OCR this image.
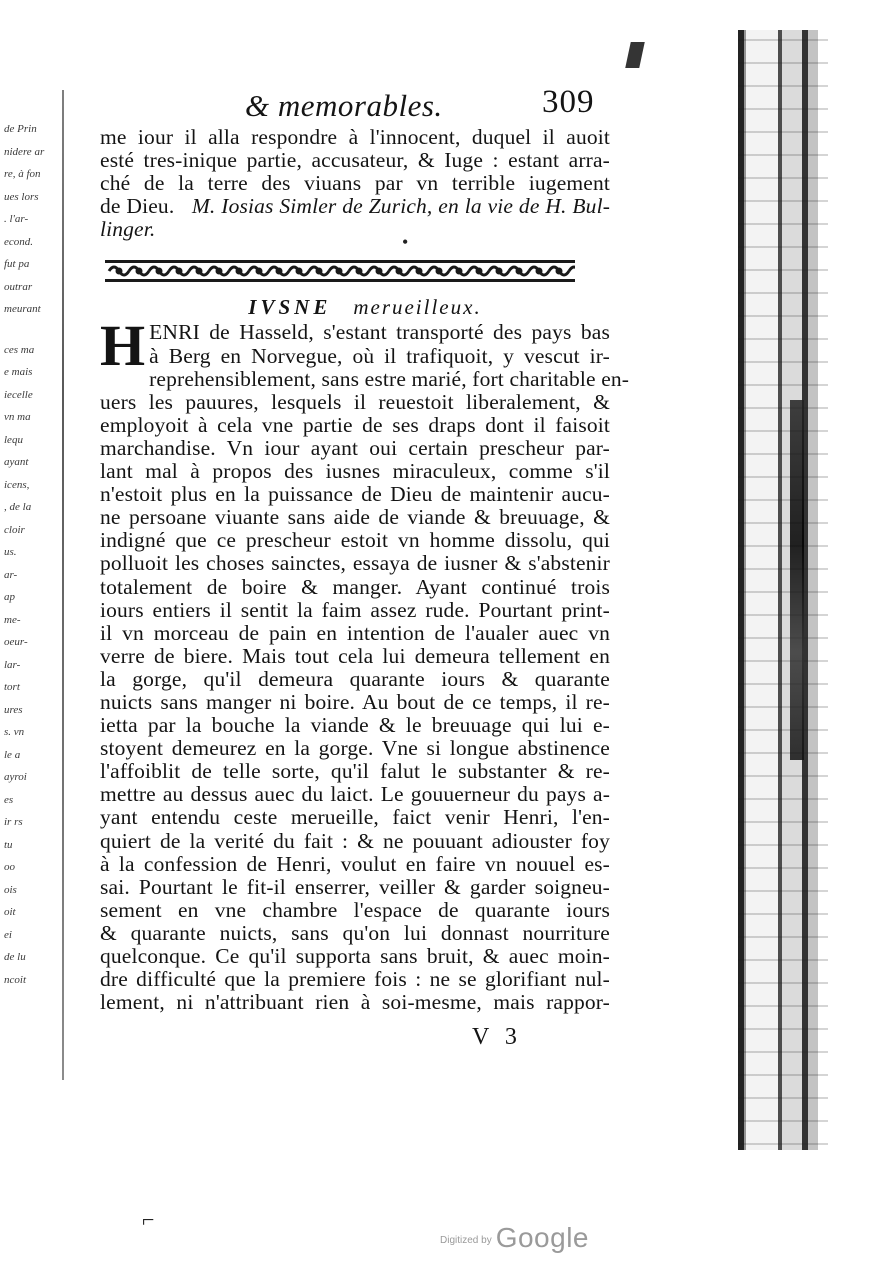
de Prin
nidere ar
re, à fon
ues lors
. l'ar-
econd.
fut pa
outrar
meurant
ces ma
e mais
iecelle
vn ma
lequ
ayant
icens,
, de la
cloir
us.
ar-
ap
me-
oeur-
lar-
tort
ures
s. vn
le a
ayroi
es
ir rs
tu
oo
ois
oit
ei
de lu
ncoit
& memorables.	309
me iour il alla respondre à l'innocent, duquel il auoit
esté tres-inique partie, accusateur, & Iuge : estant arra-
ché de la terre des viuans par vn terrible iugement
de Dieu. M. Iosias Simler de Zurich, en la vie de H. Bul-
linger.
IVSNE merueilleux.
H ENRI de Hasseld, s'estant transporté des pays bas
à Berg en Norvegue, où il trafiquoit, y vescut ir-
reprehensiblement, sans estre marié, fort charitable en-
uers les pauures, lesquels il reuestoit liberalement, &
employoit à cela vne partie de ses draps dont il faisoit
marchandise. Vn iour ayant oui certain prescheur par-
lant mal à propos des iusnes miraculeux, comme s'il
n'estoit plus en la puissance de Dieu de maintenir aucu-
ne persoane viuante sans aide de viande & breuuage, &
indigné que ce prescheur estoit vn homme dissolu, qui
polluoit les choses sainctes, essaya de iusner & s'abstenir
totalement de boire & manger. Ayant continué trois
iours entiers il sentit la faim assez rude. Pourtant print-
il vn morceau de pain en intention de l'aualer auec vn
verre de biere. Mais tout cela lui demeura tellement en
la gorge, qu'il demeura quarante iours & quarante
nuicts sans manger ni boire. Au bout de ce temps, il re-
ietta par la bouche la viande & le breuuage qui lui e-
stoyent demeurez en la gorge. Vne si longue abstinence
l'affoiblit de telle sorte, qu'il falut le substanter & re-
mettre au dessus auec du laict. Le gouuerneur du pays a-
yant entendu ceste merueille, faict venir Henri, l'en-
quiert de la verité du fait : & ne pouuant adiouster foy
à la confession de Henri, voulut en faire vn nouuel es-
sai. Pourtant le fit-il enserrer, veiller & garder soigneu-
sement en vne chambre l'espace de quarante iours
& quarante nuicts, sans qu'on lui donnast nourriture
quelconque. Ce qu'il supporta sans bruit, & auec moin-
dre difficulté que la premiere fois : ne se glorifiant nul-
lement, ni n'attribuant rien à soi-mesme, mais rappor-
V 3
•
⌐
$^{Digitized by}$ Google
